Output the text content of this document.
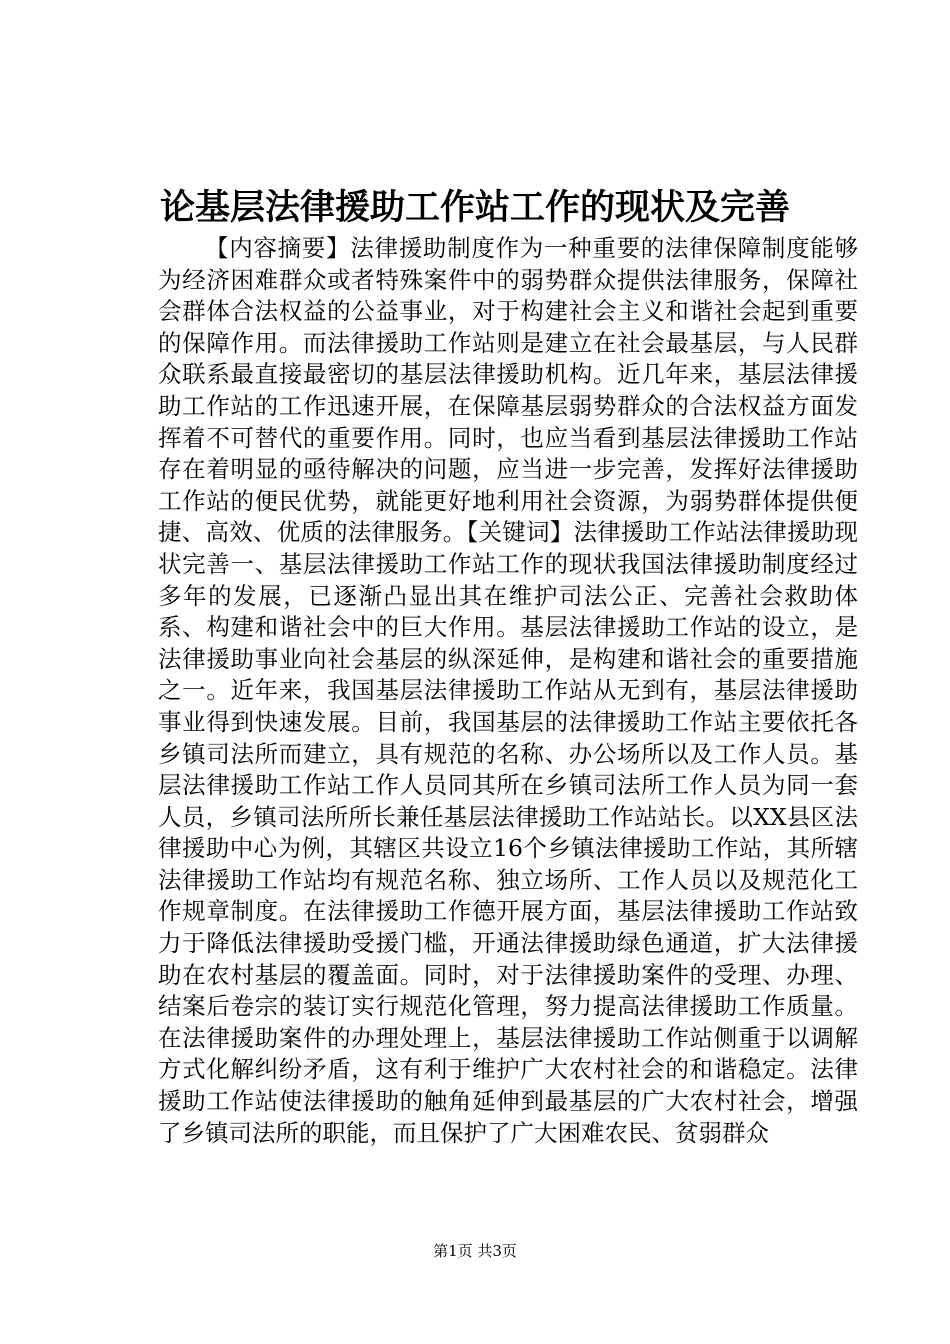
论基层法律援助工作站工作的现状及完善

【内容摘要】法律援助制度作为一种重要的法律保障制度能够为经济困难群众或者特殊案件中的弱势群众提供法律服务，保障社会群体合法权益的公益事业，对于构建社会主义和谐社会起到重要的保障作用。而法律援助工作站则是建立在社会最基层，与人民群众联系最直接最密切的基层法律援助机构。近几年来，基层法律援助工作站的工作迅速开展，在保障基层弱势群众的合法权益方面发挥着不可替代的重要作用。同时，也应当看到基层法律援助工作站存在着明显的亟待解决的问题，应当进一步完善，发挥好法律援助工作站的便民优势，就能更好地利用社会资源，为弱势群体提供便捷、高效、优质的法律服务。【关键词】法律援助工作站法律援助现状完善一、基层法律援助工作站工作的现状我国法律援助制度经过多年的发展，已逐渐凸显出其在维护司法公正、完善社会救助体系、构建和谐社会中的巨大作用。基层法律援助工作站的设立，是法律援助事业向社会基层的纵深延伸，是构建和谐社会的重要措施之一。近年来，我国基层法律援助工作站从无到有，基层法律援助事业得到快速发展。目前，我国基层的法律援助工作站主要依托各乡镇司法所而建立，具有规范的名称、办公场所以及工作人员。基层法律援助工作站工作人员同其所在乡镇司法所工作人员为同一套人员，乡镇司法所所长兼任基层法律援助工作站站长。以XX县区法律援助中心为例，其辖区共设立16个乡镇法律援助工作站，其所辖法律援助工作站均有规范名称、独立场所、工作人员以及规范化工作规章制度。在法律援助工作德开展方面，基层法律援助工作站致力于降低法律援助受援门槛，开通法律援助绿色通道，扩大法律援助在农村基层的覆盖面。同时，对于法律援助案件的受理、办理、结案后卷宗的装订实行规范化管理，努力提高法律援助工作质量。在法律援助案件的办理处理上，基层法律援助工作站侧重于以调解方式化解纠纷矛盾，这有利于维护广大农村社会的和谐稳定。法律援助工作站使法律援助的触角延伸到最基层的广大农村社会，增强了乡镇司法所的职能，而且保护了广大困难农民、贫弱群众

第1页 共3页
